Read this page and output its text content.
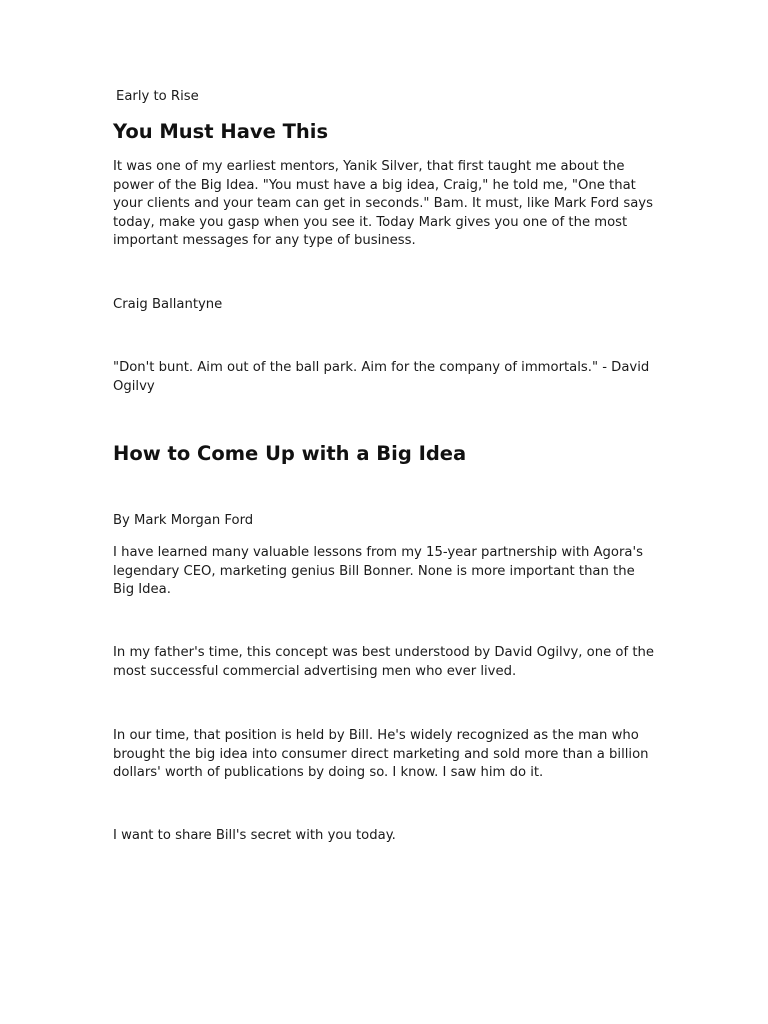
Early to Rise

You Must Have This

It was one of my earliest mentors, Yanik Silver, that first taught me about the power of the Big Idea. "You must have a big idea, Craig," he told me, "One that your clients and your team can get in seconds." Bam. It must, like Mark Ford says today, make you gasp when you see it. Today Mark gives you one of the most important messages for any type of business.

Craig Ballantyne

"Don't bunt. Aim out of the ball park. Aim for the company of immortals." - David Ogilvy

How to Come Up with a Big Idea

By Mark Morgan Ford

I have learned many valuable lessons from my 15-year partnership with Agora's legendary CEO, marketing genius Bill Bonner. None is more important than the Big Idea.

In my father's time, this concept was best understood by David Ogilvy, one of the most successful commercial advertising men who ever lived.

In our time, that position is held by Bill. He's widely recognized as the man who brought the big idea into consumer direct marketing and sold more than a billion dollars' worth of publications by doing so. I know. I saw him do it.

I want to share Bill's secret with you today.
